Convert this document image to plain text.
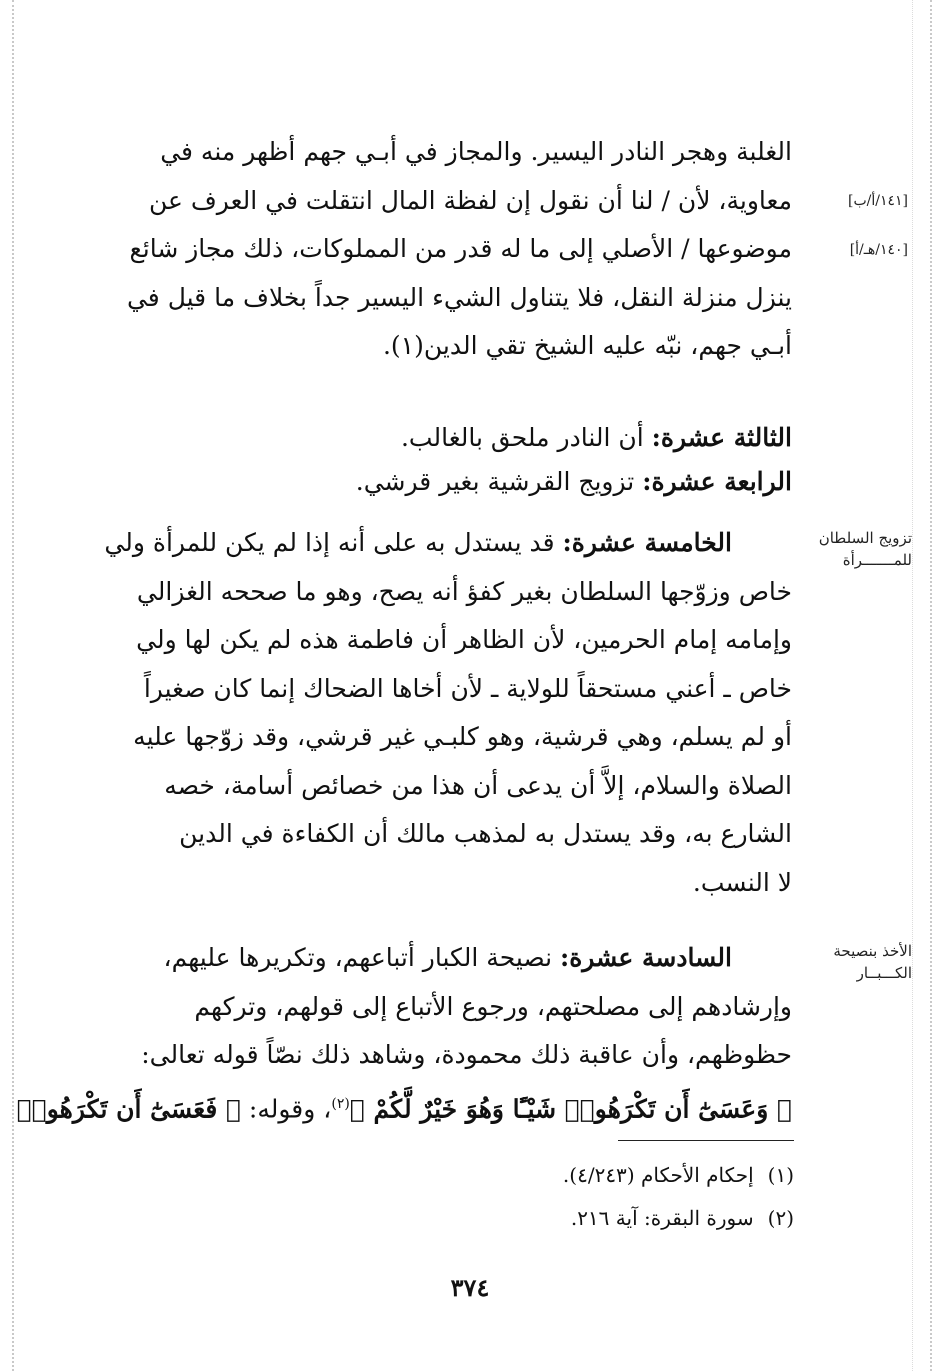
الغلبة وهجر النادر اليسير. والمجاز في أبـي جهم أظهر منه في
معاوية، لأن / لنا أن نقول إن لفظة المال انتقلت في العرف عن
موضوعها / الأصلي إلى ما له قدر من المملوكات، ذلك مجاز شائع
ينزل منزلة النقل، فلا يتناول الشيء اليسير جداً بخلاف ما قيل في
أبـي جهم، نبّه عليه الشيخ تقي الدين(١).
[١٤١/أ/ب]
[١٤٠/هـ/أ]
الثالثة عشرة: أن النادر ملحق بالغالب.
الرابعة عشرة: تزويج القرشية بغير قرشي.
تزويج السلطان
للمـــــــرأة
الخامسة عشرة: قد يستدل به على أنه إذا لم يكن للمرأة ولي
خاص وزوّجها السلطان بغير كفؤ أنه يصح، وهو ما صححه الغزالي
وإمامه إمام الحرمين، لأن الظاهر أن فاطمة هذه لم يكن لها ولي
خاص ـ أعني مستحقاً للولاية ـ لأن أخاها الضحاك إنما كان صغيراً
أو لم يسلم، وهي قرشية، وهو كلبـي غير قرشي، وقد زوّجها عليه
الصلاة والسلام، إلاَّ أن يدعى أن هذا من خصائص أسامة، خصه
الشارع به، وقد يستدل به لمذهب مالك أن الكفاءة في الدين
لا النسب.
الأخذ بنصيحة
الكـــبــار
السادسة عشرة: نصيحة الكبار أتباعهم، وتكريرها عليهم،
وإرشادهم إلى مصلحتهم، ورجوع الأتباع إلى قولهم، وتركهم
حظوظهم، وأن عاقبة ذلك محمودة، وشاهد ذلك نصّاً قوله تعالى:
﴿ وَعَسَىٰٓ أَن تَكْرَهُوا۟ شَيْـًٔا وَهُوَ خَيْرٌ لَّكُمْ ﴾$^{(٢)}$، وقوله: ﴿ فَعَسَىٰٓ أَن تَكْرَهُوا۟
(١)إحكام الأحكام (٤/٢٤٣).
(٢)سورة البقرة: آية ٢١٦.
٣٧٤
